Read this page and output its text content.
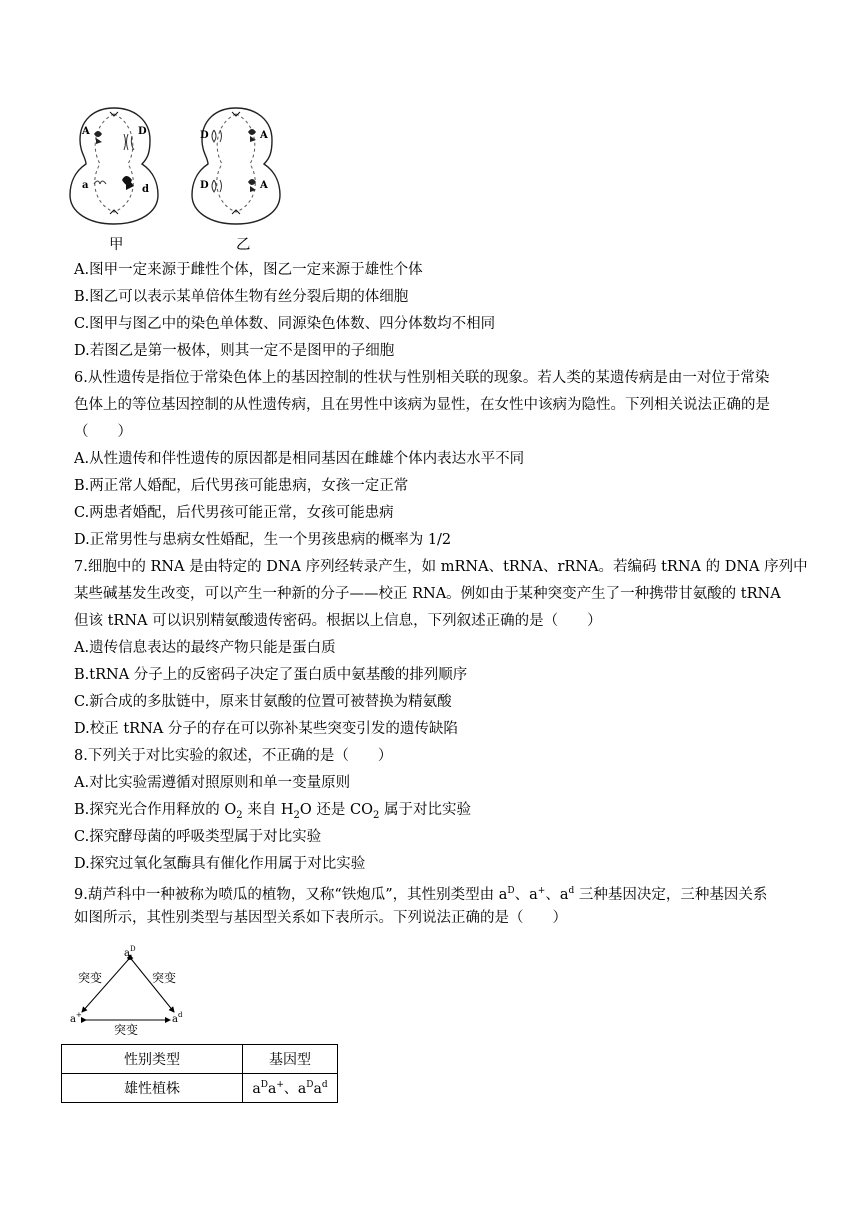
A	D
a	d
D	A
D	A
甲	乙
A.图甲一定来源于雌性个体，图乙一定来源于雄性个体
B.图乙可以表示某单倍体生物有丝分裂后期的体细胞
C.图甲与图乙中的染色单体数、同源染色体数、四分体数均不相同
D.若图乙是第一极体，则其一定不是图甲的子细胞
6.从性遗传是指位于常染色体上的基因控制的性状与性别相关联的现象。若人类的某遗传病是由一对位于常染
色体上的等位基因控制的从性遗传病，且在男性中该病为显性，在女性中该病为隐性。下列相关说法正确的是
（　　）
A.从性遗传和伴性遗传的原因都是相同基因在雌雄个体内表达水平不同
B.两正常人婚配，后代男孩可能患病，女孩一定正常
C.两患者婚配，后代男孩可能正常，女孩可能患病
D.正常男性与患病女性婚配，生一个男孩患病的概率为 1/2
7.细胞中的 RNA 是由特定的 DNA 序列经转录产生，如 mRNA、tRNA、rRNA。若编码 tRNA 的 DNA 序列中
某些碱基发生改变，可以产生一种新的分子——校正 RNA。例如由于某种突变产生了一种携带甘氨酸的 tRNA
但该 tRNA 可以识别精氨酸遗传密码。根据以上信息，下列叙述正确的是（　　）
A.遗传信息表达的最终产物只能是蛋白质
B.tRNA 分子上的反密码子决定了蛋白质中氨基酸的排列顺序
C.新合成的多肽链中，原来甘氨酸的位置可被替换为精氨酸
D.校正 tRNA 分子的存在可以弥补某些突变引发的遗传缺陷
8.下列关于对比实验的叙述，不正确的是（　　）
A.对比实验需遵循对照原则和单一变量原则
B.探究光合作用释放的 $O_2$ 来自 $H_2O$ 还是 $CO_2$ 属于对比实验
C.探究酵母菌的呼吸类型属于对比实验
D.探究过氧化氢酶具有催化作用属于对比实验
9.葫芦科中一种被称为喷瓜的植物，又称“铁炮瓜”，其性别类型由 $a^D$、a+、$a^d$ 三种基因决定，三种基因关系
如图所示，其性别类型与基因型关系如下表所示。下列说法正确的是（　　）
$a^D$
a+	$a^d$
突变	突变
突变
性别类型	基因型
雄性植株	$a^Da^+$、$a^Da^d$
